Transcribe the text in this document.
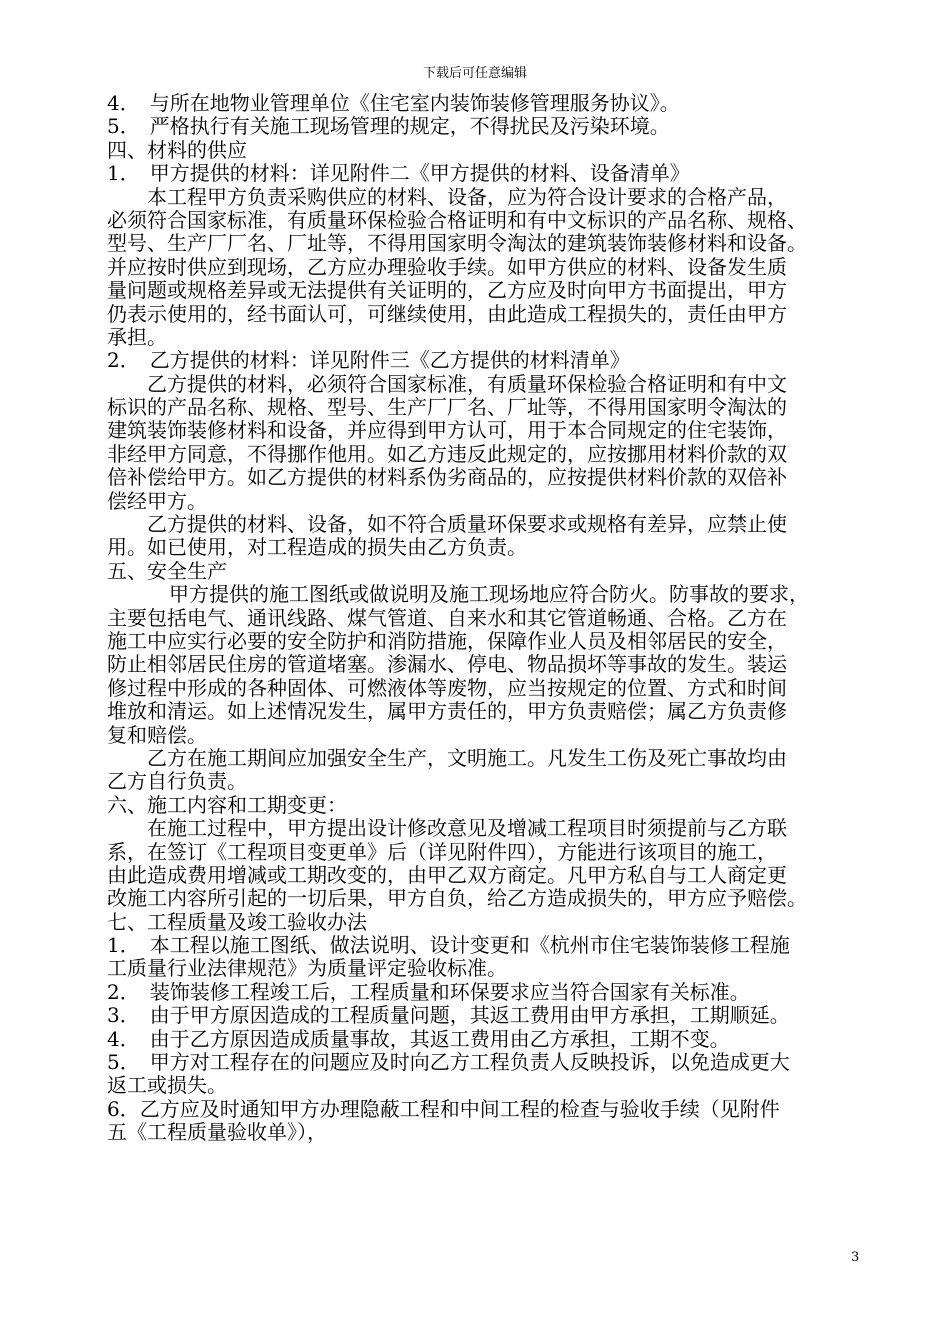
下载后可任意编辑
4．　与所在地物业管理单位《住宅室内装饰装修管理服务协议》。
5．　严格执行有关施工现场管理的规定，不得扰民及污染环境。
四、材料的供应
1．　甲方提供的材料：详见附件二《甲方提供的材料、设备清单》
本工程甲方负责采购供应的材料、设备，应为符合设计要求的合格产品，
必须符合国家标准，有质量环保检验合格证明和有中文标识的产品名称、规格、
型号、生产厂厂名、厂址等，不得用国家明令淘汰的建筑装饰装修材料和设备。
并应按时供应到现场，乙方应办理验收手续。如甲方供应的材料、设备发生质
量问题或规格差异或无法提供有关证明的，乙方应及时向甲方书面提出，甲方
仍表示使用的，经书面认可，可继续使用，由此造成工程损失的，责任由甲方
承担。
2．　乙方提供的材料：详见附件三《乙方提供的材料清单》
乙方提供的材料，必须符合国家标准，有质量环保检验合格证明和有中文
标识的产品名称、规格、型号、生产厂厂名、厂址等，不得用国家明令淘汰的
建筑装饰装修材料和设备，并应得到甲方认可，用于本合同规定的住宅装饰，
非经甲方同意，不得挪作他用。如乙方违反此规定的，应按挪用材料价款的双
倍补偿给甲方。如乙方提供的材料系伪劣商品的，应按提供材料价款的双倍补
偿经甲方。
乙方提供的材料、设备，如不符合质量环保要求或规格有差异，应禁止使
用。如已使用，对工程造成的损失由乙方负责。
五、安全生产
甲方提供的施工图纸或做说明及施工现场地应符合防火。防事故的要求，
主要包括电气、通讯线路、煤气管道、自来水和其它管道畅通、合格。乙方在
施工中应实行必要的安全防护和消防措施，保障作业人员及相邻居民的安全，
防止相邻居民住房的管道堵塞。渗漏水、停电、物品损坏等事故的发生。装运
修过程中形成的各种固体、可燃液体等废物，应当按规定的位置、方式和时间
堆放和清运。如上述情况发生，属甲方责任的，甲方负责赔偿；属乙方负责修
复和赔偿。
乙方在施工期间应加强安全生产，文明施工。凡发生工伤及死亡事故均由
乙方自行负责。
六、施工内容和工期变更：
在施工过程中，甲方提出设计修改意见及增减工程项目时须提前与乙方联
系，在签订《工程项目变更单》后（详见附件四），方能进行该项目的施工，
由此造成费用增减或工期改变的，由甲乙双方商定。凡甲方私自与工人商定更
改施工内容所引起的一切后果，甲方自负，给乙方造成损失的，甲方应予赔偿。
七、工程质量及竣工验收办法
1．　本工程以施工图纸、做法说明、设计变更和《杭州市住宅装饰装修工程施
工质量行业法律规范》为质量评定验收标准。
2．　装饰装修工程竣工后，工程质量和环保要求应当符合国家有关标准。
3．　由于甲方原因造成的工程质量问题，其返工费用由甲方承担，工期顺延。
4．　由于乙方原因造成质量事故，其返工费用由乙方承担，工期不变。
5．　甲方对工程存在的问题应及时向乙方工程负责人反映投诉，以免造成更大
返工或损失。
6．乙方应及时通知甲方办理隐蔽工程和中间工程的检查与验收手续（见附件
五《工程质量验收单》），
3
